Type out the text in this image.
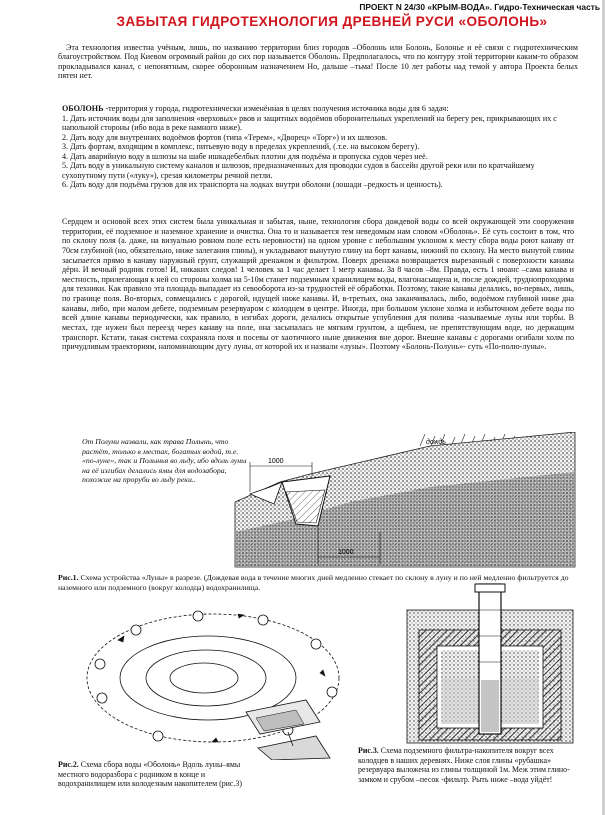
ПРОЕКТ N 24/30 «КРЫМ-ВОДА». Гидро-Техническая часть

ЗАБЫТАЯ ГИДРОТЕХНОЛОГИЯ ДРЕВНЕЙ РУСИ «ОБОЛОНЬ»

Эта технология известна учёным, лишь, по названию территории близ городов –Оболонь или Болонь, Болонье и её связи с гидротехническим благоустройством. Под Киевом огромный район до сих пор называется Оболонь. Предполагалось, что по контуру этой территории каким-то образом прокладывался канал, с непонятным, скорее оборонным назначением Но, дальше –тьма! После 10 лет работы над темой у автора Проекта белых пятен нет.

ОБОЛОНЬ -территория у города, гидротехнически изменённая в целях получения источника воды для 6 задач:

1. Дать источник воды для заполнения «верховых» рвов и защитных водоёмов оборонительных укреплений на берегу рек, прикрывающих их с напольной стороны (ибо вода в реке намного ниже).

2. Дать воду для внутренних водоёмов фортов (типа «Терем», «Дворец» «Торг») и их шлюзов.

3. Дать фортам, входящим в комплекс, питьевую воду в пределах укреплений, (.т.е. на высоком берегу).

4. Дать аварийную воду в шлюзы на шабе ишкадебелбых плотин для подъёма и пропуска судов через неё.

5. Дать воду в уникальную систему каналов и шлюзов, предназначенных для проводки судов в бассейн другой реки или по кратчайшему сухопутному пути («луку»), срезая километры речной петли.

6. Дать воду для подъёма грузов для их транспорта на лодках внутри оболони (лошади –редкость и ценность).

Сердцем и основой всех этих систем была уникальная и забытая, ныне, технология сбора дождевой воды со всей окружающей эти сооружения территории, её подземное и наземное хранение и очистка. Она то и называется тем неведомым нам словом «Оболонь». Её суть состоит в том, что по склону поля (а. даже, на визуально ровном поле есть неровности) на одном уровне с небольшим уклоном к месту сбора воды роют канаву от 70см глубиной (но, обязательно, ниже залегания глины), и укладывают вынутую глину на борт канавы, нижний по склону. На место вынутой глины засыпается прямо в канаву наружный грунт, служащий дренажом и фильтром. Поверх дренажа возвращается вырезанный с поверхности канавы дёрн. И вечный родник готов! И, никаких следов! 1 человек за 1 час делает 1 метр канавы. За 8 часов –8м. Правда, есть 1 нюанс –сама канава и местность, прилегающая к ней со стороны холма на 5-10м станет подземным хранилищем воды, влагонасыщена и, после дождей, труднопроходима для техники. Как правило эта площадь выпадает из севооборота из-за трудностей её обработки. Поэтому, такие канавы делались, во-первых, лишь, по границе поля. Во-вторых, совмещались с дорогой, идущей ниже канавы. И, в-третьих, она заканчивалась, либо, водоёмом глубиной ниже дна канавы, либо, при малом дебете, подземным резервуаром с колодцем в центре. Иногда, при большом уклоне холма и избыточном дебете воды по всей длине канавы периодически, как правило, в изгибах дороги, делались открытые углубления для полива -называемые луны или торбы. В местах, где нужен был переезд через канаву на поле, она засыпалась не мягким грунтом, а щебнем, не препятствующим воде, но держащим транспорт. Кстати, такая система сохраняла поля и посевы от хаотичного ныне движения вне дорог. Внешне канавы с дорогами огибали холм по причудливым траекториям, напоминающим дугу луны, от которой их и назвали «луны». Поэтому «Болонь-Полунь»- суть «По-полю-луны».

От Полуни назвали, как трава Полынь, что растёт, только в местах, богатых водой, т.е. «по-луне», так и Полынья во льду, ибо вдоль луны на её изгибах делались ямы для водозабора, похожие на проруби во льду реки..

дождь
1000
1000

Рис.1. Схема устройства «Луны» в разрезе. (Дождевая вода в течение многих дней медленно стекает по склону в луну и по ней медленно фильтруется до наземного или подземного (вокруг колодца) водохранилища.

Рис.2. Схема сбора воды «Оболонь» Вдоль луны–ямы местного водоразбора с родником в конце и водохранилищем или колодезным накопителем (рис.3)

Рис.3. Схема подземного фильтра-накопителя вокруг всех колодцев в наших деревнях. Ниже слоя глины «рубашка» резервуара выложена из глины толщиной 1м. Меж этим глино-замком и срубом –песок -фильтр. Рыть ниже –вода уйдёт!
